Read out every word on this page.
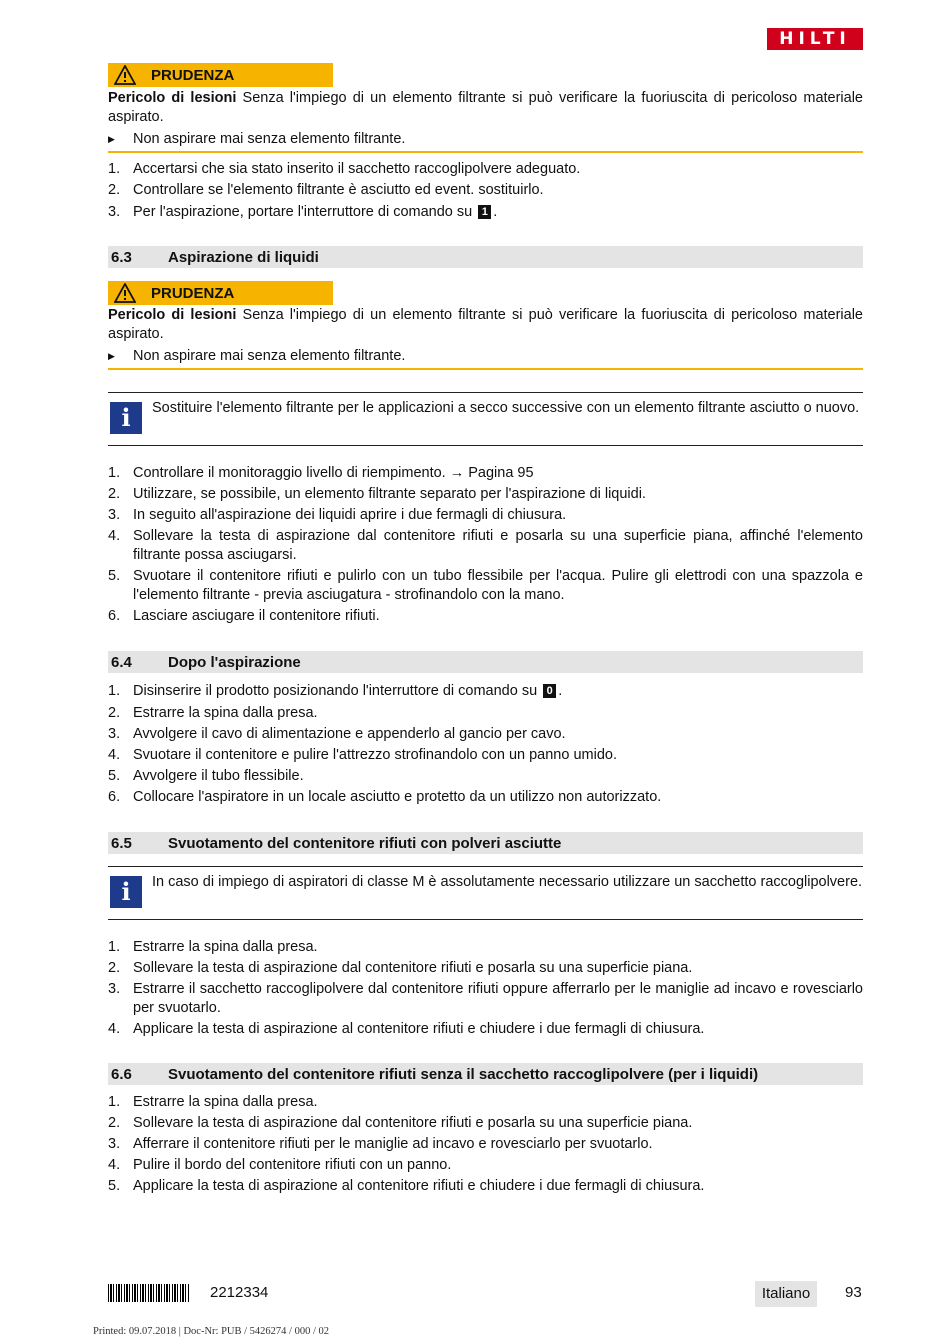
HILTI
PRUDENZA
Pericolo di lesioni Senza l'impiego di un elemento filtrante si può verificare la fuoriuscita di pericoloso materiale aspirato.
▶ Non aspirare mai senza elemento filtrante.
1. Accertarsi che sia stato inserito il sacchetto raccoglipolvere adeguato.
2. Controllare se l'elemento filtrante è asciutto ed event. sostituirlo.
3. Per l'aspirazione, portare l'interruttore di comando su 1 .
6.3	Aspirazione di liquidi
PRUDENZA
Pericolo di lesioni Senza l'impiego di un elemento filtrante si può verificare la fuoriuscita di pericoloso materiale aspirato.
▶ Non aspirare mai senza elemento filtrante.
i	Sostituire l'elemento filtrante per le applicazioni a secco successive con un elemento filtrante asciutto o nuovo.
1. Controllare il monitoraggio livello di riempimento. → Pagina 95
2. Utilizzare, se possibile, un elemento filtrante separato per l'aspirazione di liquidi.
3. In seguito all'aspirazione dei liquidi aprire i due fermagli di chiusura.
4. Sollevare la testa di aspirazione dal contenitore rifiuti e posarla su una superficie piana, affinché l'elemento filtrante possa asciugarsi.
5. Svuotare il contenitore rifiuti e pulirlo con un tubo flessibile per l'acqua. Pulire gli elettrodi con una spazzola e l'elemento filtrante - previa asciugatura - strofinandolo con la mano.
6. Lasciare asciugare il contenitore rifiuti.
6.4	Dopo l'aspirazione
1. Disinserire il prodotto posizionando l'interruttore di comando su 0 .
2. Estrarre la spina dalla presa.
3. Avvolgere il cavo di alimentazione e appenderlo al gancio per cavo.
4. Svuotare il contenitore e pulire l'attrezzo strofinandolo con un panno umido.
5. Avvolgere il tubo flessibile.
6. Collocare l'aspiratore in un locale asciutto e protetto da un utilizzo non autorizzato.
6.5	Svuotamento del contenitore rifiuti con polveri asciutte
i	In caso di impiego di aspiratori di classe M è assolutamente necessario utilizzare un sacchetto raccoglipolvere.
1. Estrarre la spina dalla presa.
2. Sollevare la testa di aspirazione dal contenitore rifiuti e posarla su una superficie piana.
3. Estrarre il sacchetto raccoglipolvere dal contenitore rifiuti oppure afferrarlo per le maniglie ad incavo e rovesciarlo per svuotarlo.
4. Applicare la testa di aspirazione al contenitore rifiuti e chiudere i due fermagli di chiusura.
6.6	Svuotamento del contenitore rifiuti senza il sacchetto raccoglipolvere (per i liquidi)
1. Estrarre la spina dalla presa.
2. Sollevare la testa di aspirazione dal contenitore rifiuti e posarla su una superficie piana.
3. Afferrare il contenitore rifiuti per le maniglie ad incavo e rovesciarlo per svuotarlo.
4. Pulire il bordo del contenitore rifiuti con un panno.
5. Applicare la testa di aspirazione al contenitore rifiuti e chiudere i due fermagli di chiusura.
2212334	Italiano	93
Printed: 09.07.2018 | Doc-Nr: PUB / 5426274 / 000 / 02
